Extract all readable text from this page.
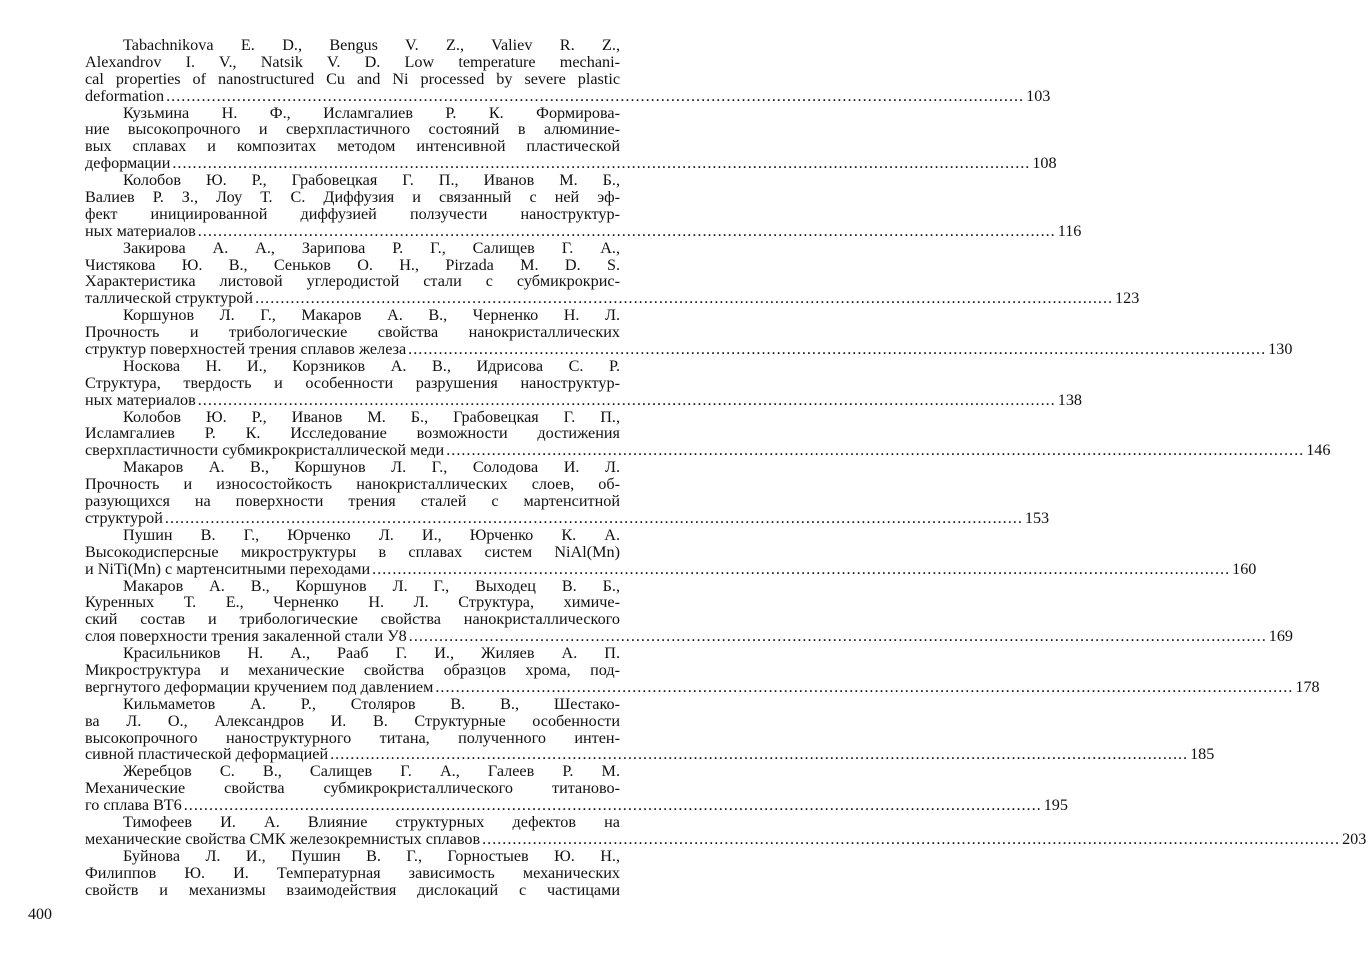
Tabachnikova E. D., Bengus V. Z., Valiev R. Z.,
Alexandrov I. V., Natsik V. D. Low temperature mechani-
cal properties of nanostructured Cu and Ni processed by severe plastic
deformation .....	103
Кузьмина Н. Ф., Исламгалиев Р. К. Формирова-
ние высокопрочного и сверхпластичного состояний в алюминие-
вых сплавах и композитах методом интенсивной пластической
деформации .....	108
Колобов Ю. Р., Грабовецкая Г. П., Иванов М. Б.,
Валиев Р. З., Лоу Т. С. Диффузия и связанный с ней эф-
фект инициированной диффузией ползучести наноструктур-
ных материалов .....	116
Закирова А. А., Зарипова Р. Г., Салищев Г. А.,
Чистякова Ю. В., Сеньков О. Н., Pirzada M. D. S.
Характеристика листовой углеродистой стали с субмикрокрис-
таллической структурой .....	123
Коршунов Л. Г., Макаров А. В., Черненко Н. Л.
Прочность и трибологические свойства нанокристаллических
структур поверхностей трения сплавов железа .....	130
Носкова Н. И., Корзников А. В., Идрисова С. Р.
Структура, твердость и особенности разрушения наноструктур-
ных материалов .....	138
Колобов Ю. Р., Иванов М. Б., Грабовецкая Г. П.,
Исламгалиев Р. К. Исследование возможности достижения
сверхпластичности субмикрокристаллической меди .....	146
Макаров А. В., Коршунов Л. Г., Солодова И. Л.
Прочность и износостойкость нанокристаллических слоев, об-
разующихся на поверхности трения сталей с мартенситной
структурой .....	153
Пушин В. Г., Юрченко Л. И., Юрченко К. А.
Высокодисперсные микроструктуры в сплавах систем NiAl(Mn)
и NiTi(Mn) с мартенситными переходами .....	160
Макаров А. В., Коршунов Л. Г., Выходец В. Б.,
Куренных Т. Е., Черненко Н. Л. Структура, химиче-
ский состав и трибологические свойства нанокристаллического
слоя поверхности трения закаленной стали У8 .....	169
Красильников Н. А., Рааб Г. И., Жиляев А. П.
Микроструктура и механические свойства образцов хрома, под-
вергнутого деформации кручением под давлением .....	178
Кильмаметов А. Р., Столяров В. В., Шестако-
ва Л. О., Александров И. В. Структурные особенности
высокопрочного наноструктурного титана, полученного интен-
сивной пластической деформацией .....	185
Жеребцов С. В., Салищев Г. А., Галеев Р. М.
Механические свойства субмикрокристаллического титаново-
го сплава ВТ6 .....	195
Тимофеев И. А. Влияние структурных дефектов на
механические свойства СМК железокремнистых сплавов .....	203
Буйнова Л. И., Пушин В. Г., Горностыев Ю. Н.,
Филиппов Ю. И. Температурная зависимость механических
свойств и механизмы взаимодействия дислокаций с частицами
400
